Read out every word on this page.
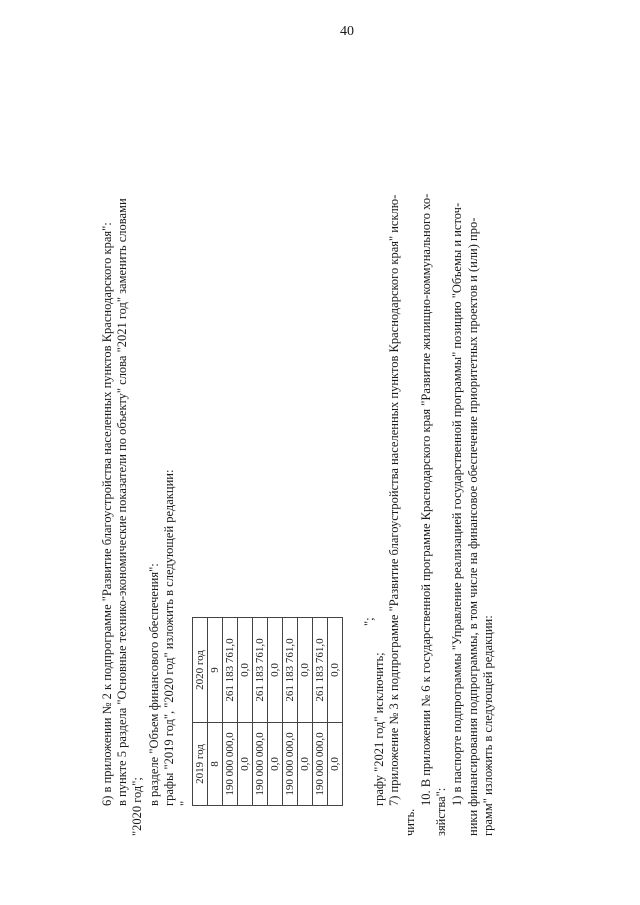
40
6) в приложении № 2 к подпрограмме "Развитие благоустройства населенных пунктов Краснодарского края": в пункте 5 раздела "Основные технико-экономические показатели по объекту" слова "2021 год" заменить словами
"2020 год";
в разделе "Объем финансового обеспечения": графы "2019 год", "2020 год" изложить в следующей редакции: "
2019 год	2020 год
8	9
190 000 000,0	261 183 761,0
0,0	0,0
190 000 000,0	261 183 761,0
0,0	0,0
190 000 000,0	261 183 761,0
0,0	0,0
190 000 000,0	261 183 761,0
0,0	0,0
";
графу "2021 год" исключить; 7) приложение № 3 к подпрограмме "Развитие благоустройства населенных пунктов Краснодарского края" исклю-
чить.
10. В приложении № 6 к государственной программе Краснодарского края "Развитие жилищно-коммунального хо-
зяйства":
1) в паспорте подпрограммы "Управление реализацией государственной программы" позицию "Объемы и источ- ники финансирования подпрограммы, в том числе на финансовое обеспечение приоритетных проектов и (или) про- грамм" изложить в следующей редакции:
